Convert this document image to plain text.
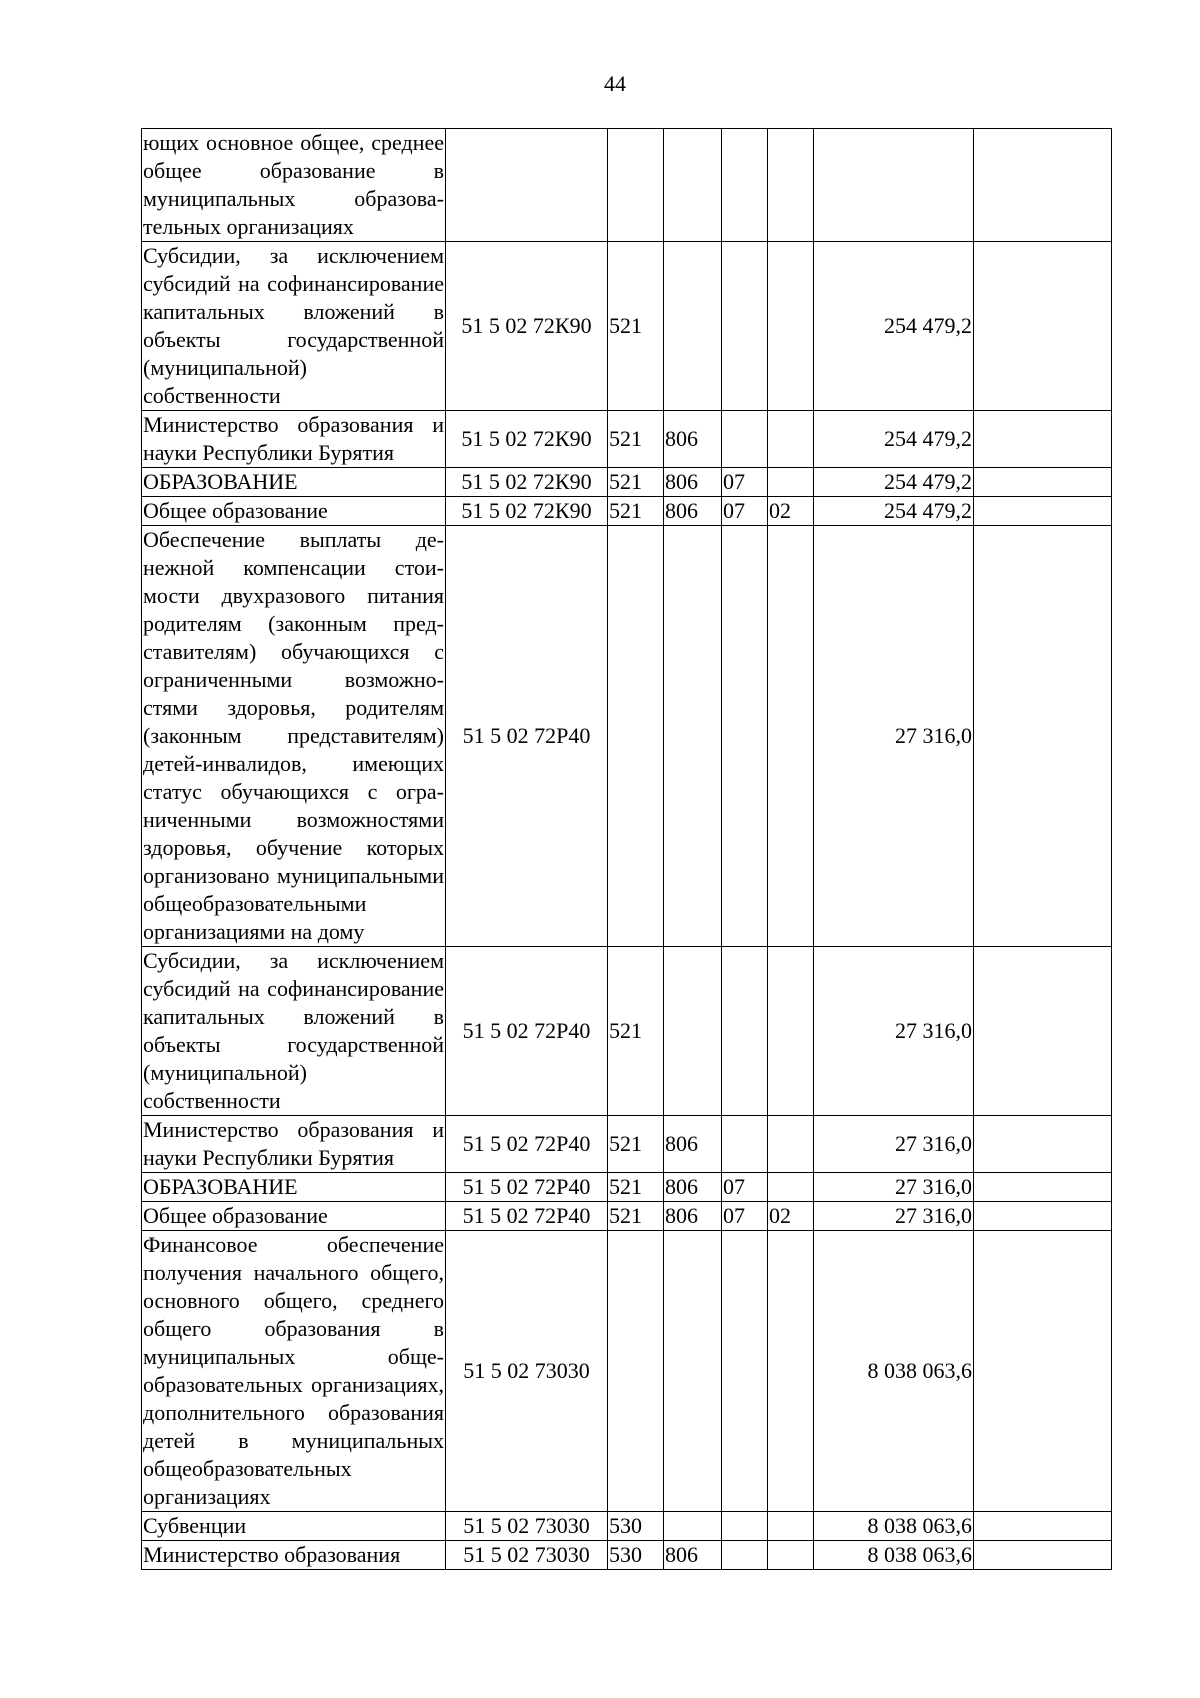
44
ющих основное общее, среднее общее образование в муниципальных образовательных организациях							
Субсидии, за исключением субсидий на софинансирование капитальных вложений в объекты государственной (муниципальной) собственности	51 5 02 72К90	521				254 479,2	
Министерство образования и науки Республики Бурятия	51 5 02 72К90	521	806			254 479,2	
ОБРАЗОВАНИЕ	51 5 02 72К90	521	806	07		254 479,2	
Общее образование	51 5 02 72К90	521	806	07	02	254 479,2	
Обеспечение выплаты денежной компенсации стоимости двухразового питания родителям (законным представителям) обучающихся с ограниченными возможностями здоровья, родителям (законным представителям) детей-инвалидов, имеющих статус обучающихся с ограниченными возможностями здоровья, обучение которых организовано муниципальными общеобразовательными организациями на дому	51 5 02 72Р40					27 316,0	
Субсидии, за исключением субсидий на софинансирование капитальных вложений в объекты государственной (муниципальной) собственности	51 5 02 72Р40	521				27 316,0	
Министерство образования и науки Республики Бурятия	51 5 02 72Р40	521	806			27 316,0	
ОБРАЗОВАНИЕ	51 5 02 72Р40	521	806	07		27 316,0	
Общее образование	51 5 02 72Р40	521	806	07	02	27 316,0	
Финансовое обеспечение получения начального общего, основного общего, среднего общего образования в муниципальных общеобразовательных организациях, дополнительного образования детей в муниципальных общеобразовательных организациях	51 5 02 73030					8 038 063,6	
Субвенции	51 5 02 73030	530				8 038 063,6	
Министерство образования	51 5 02 73030	530	806			8 038 063,6	
